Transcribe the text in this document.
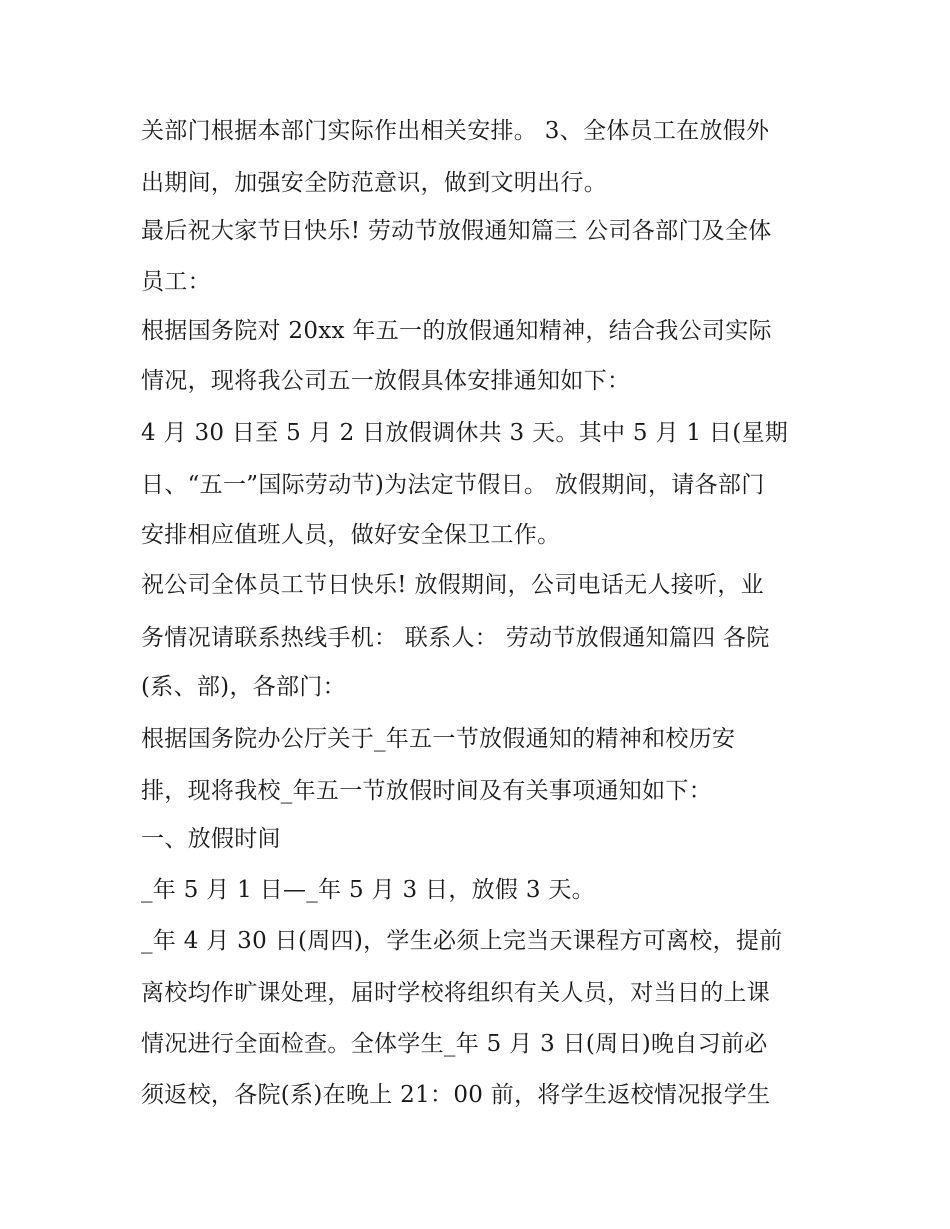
关部门根据本部门实际作出相关安排。 3、全体员工在放假外
出期间，加强安全防范意识，做到文明出行。
最后祝大家节日快乐! 劳动节放假通知篇三 公司各部门及全体
员工：
根据国务院对 20xx 年五一的放假通知精神，结合我公司实际
情况，现将我公司五一放假具体安排通知如下：
4 月 30 日至 5 月 2 日放假调休共 3 天。其中 5 月 1 日(星期
日、“五一”国际劳动节)为法定节假日。 放假期间，请各部门
安排相应值班人员，做好安全保卫工作。
祝公司全体员工节日快乐! 放假期间，公司电话无人接听，业
务情况请联系热线手机： 联系人： 劳动节放假通知篇四 各院
(系、部)，各部门：
根据国务院办公厅关于_年五一节放假通知的精神和校历安
排，现将我校_年五一节放假时间及有关事项通知如下：
一、放假时间
_年 5 月 1 日—_年 5 月 3 日，放假 3 天。
_年 4 月 30 日(周四)，学生必须上完当天课程方可离校，提前
离校均作旷课处理，届时学校将组织有关人员，对当日的上课
情况进行全面检查。全体学生_年 5 月 3 日(周日)晚自习前必
须返校，各院(系)在晚上 21：00 前，将学生返校情况报学生
